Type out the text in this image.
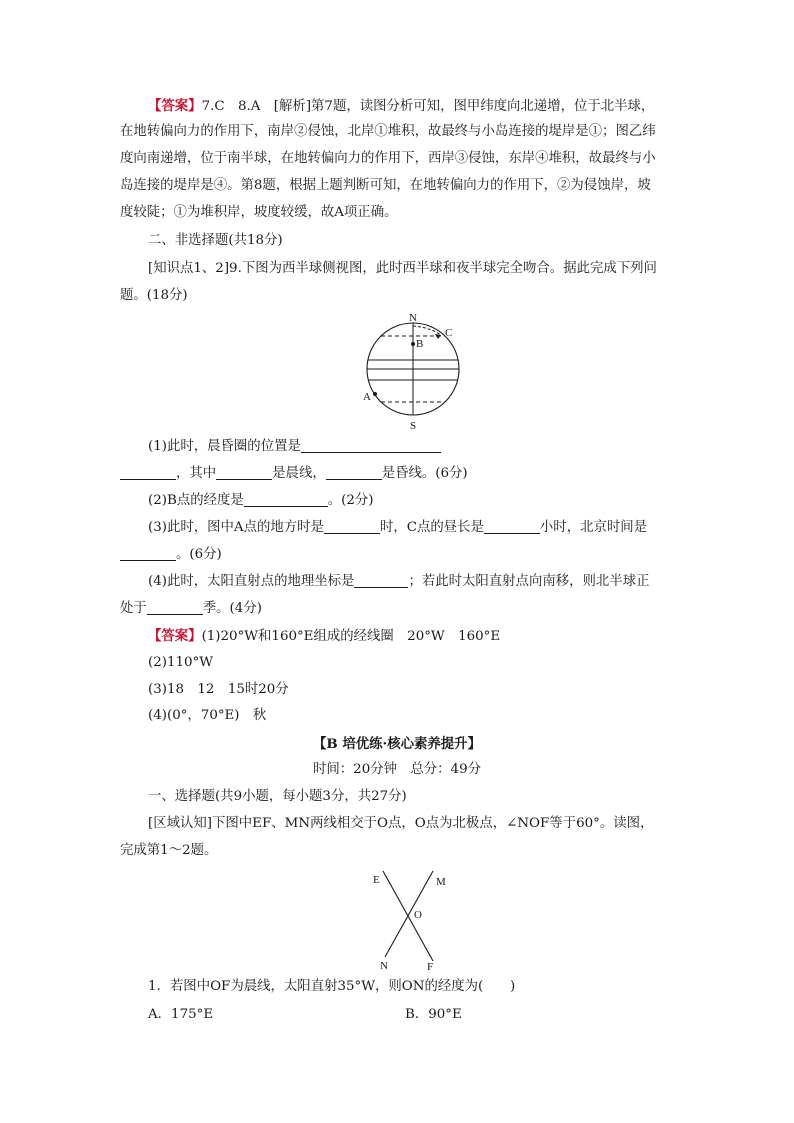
【答案】7.C　8.A　[解析]第7题，读图分析可知，图甲纬度向北递增，位于北半球，
在地转偏向力的作用下，南岸②侵蚀，北岸①堆积，故最终与小岛连接的堤岸是①；图乙纬
度向南递增，位于南半球，在地转偏向力的作用下，西岸③侵蚀，东岸④堆积，故最终与小
岛连接的堤岸是④。第8题，根据上题判断可知，在地转偏向力的作用下，②为侵蚀岸，坡
度较陡；①为堆积岸，坡度较缓，故A项正确。
二、非选择题(共18分)
[知识点1、2]9.下图为西半球侧视图，此时西半球和夜半球完全吻合。据此完成下列问
题。(18分)
N
S
B
C
A
(1)此时，晨昏圈的位置是
，其中	是晨线，	是昏线。(6分)
(2)B点的经度是	。(2分)
(3)此时，图中A点的地方时是	时，C点的昼长是	小时，北京时间是
。(6分)
(4)此时，太阳直射点的地理坐标是	；若此时太阳直射点向南移，则北半球正
处于	季。(4分)
【答案】(1)20°W和160°E组成的经线圈　20°W　160°E
(2)110°W
(3)18　12　15时20分
(4)(0°，70°E)　秋
【B 培优练·核心素养提升】
时间：20分钟　总分：49分
一、选择题(共9小题，每小题3分，共27分)
[区域认知]下图中EF、MN两线相交于O点，O点为北极点，∠NOF等于60°。读图，
完成第1～2题。
E	M
O
N	F
1．若图中OF为晨线，太阳直射35°W，则ON的经度为(　　)
A．175°E	B．90°E
